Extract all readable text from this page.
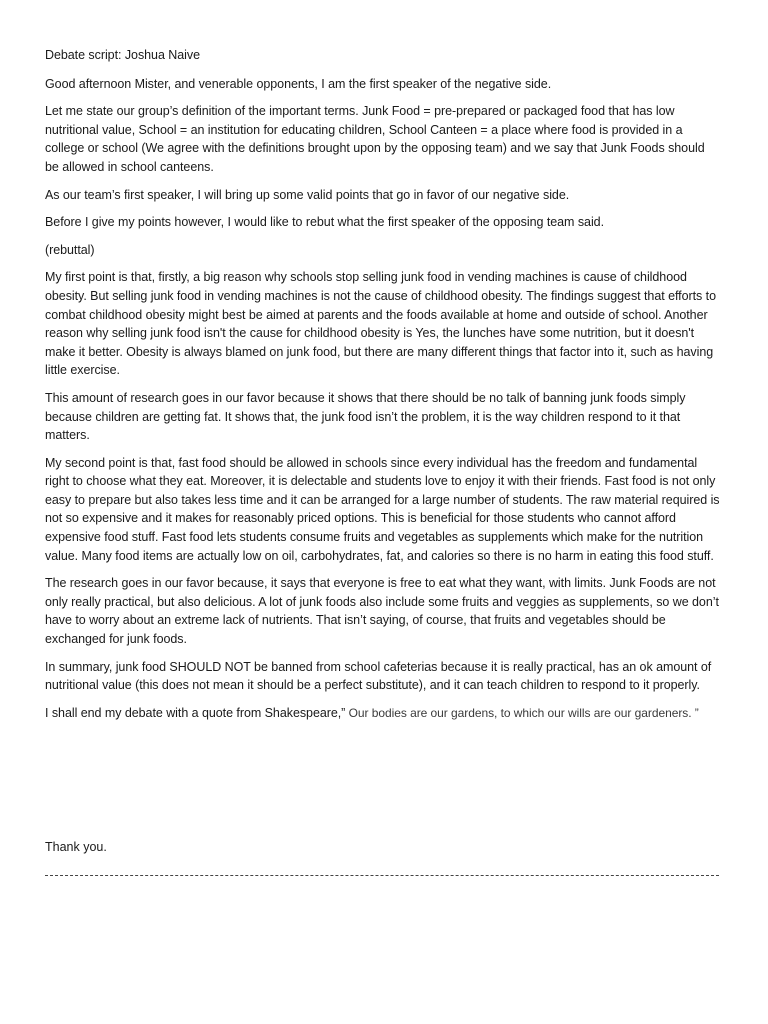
Debate script: Joshua Naive

Good afternoon Mister, and venerable opponents, I am the first speaker of the negative side.

Let me state our group’s definition of the important terms. Junk Food = pre-prepared or packaged food that has low nutritional value, School = an institution for educating children, School Canteen = a place where food is provided in a college or school (We agree with the definitions brought upon by the opposing team) and we say that Junk Foods should be allowed in school canteens.

As our team’s first speaker, I will bring up some valid points that go in favor of our negative side.

Before I give my points however, I would like to rebut what the first speaker of the opposing team said.

(rebuttal)

My first point is that, firstly, a big reason why schools stop selling junk food in vending machines is cause of childhood obesity. But selling junk food in vending machines is not the cause of childhood obesity. The findings suggest that efforts to combat childhood obesity might best be aimed at parents and the foods available at home and outside of school. Another reason why selling junk food isn't the cause for childhood obesity is Yes, the lunches have some nutrition, but it doesn't make it better. Obesity is always blamed on junk food, but there are many different things that factor into it, such as having little exercise.

This amount of research goes in our favor because it shows that there should be no talk of banning junk foods simply because children are getting fat. It shows that, the junk food isn’t the problem, it is the way children respond to it that matters.

My second point is that, fast food should be allowed in schools since every individual has the freedom and fundamental right to choose what they eat. Moreover, it is delectable and students love to enjoy it with their friends. Fast food is not only easy to prepare but also takes less time and it can be arranged for a large number of students. The raw material required is not so expensive and it makes for reasonably priced options. This is beneficial for those students who cannot afford expensive food stuff. Fast food lets students consume fruits and vegetables as supplements which make for the nutrition value. Many food items are actually low on oil, carbohydrates, fat, and calories so there is no harm in eating this food stuff.

The research goes in our favor because, it says that everyone is free to eat what they want, with limits. Junk Foods are not only really practical, but also delicious. A lot of junk foods also include some fruits and veggies as supplements, so we don’t have to worry about an extreme lack of nutrients. That isn’t saying, of course, that fruits and vegetables should be exchanged for junk foods.

In summary, junk food SHOULD NOT be banned from school cafeterias because it is really practical, has an ok amount of nutritional value (this does not mean it should be a perfect substitute), and it can teach children to respond to it properly.

I shall end my debate with a quote from Shakespeare,” Our bodies are our gardens, to which our wills are our gardeners. ”

Thank you.
